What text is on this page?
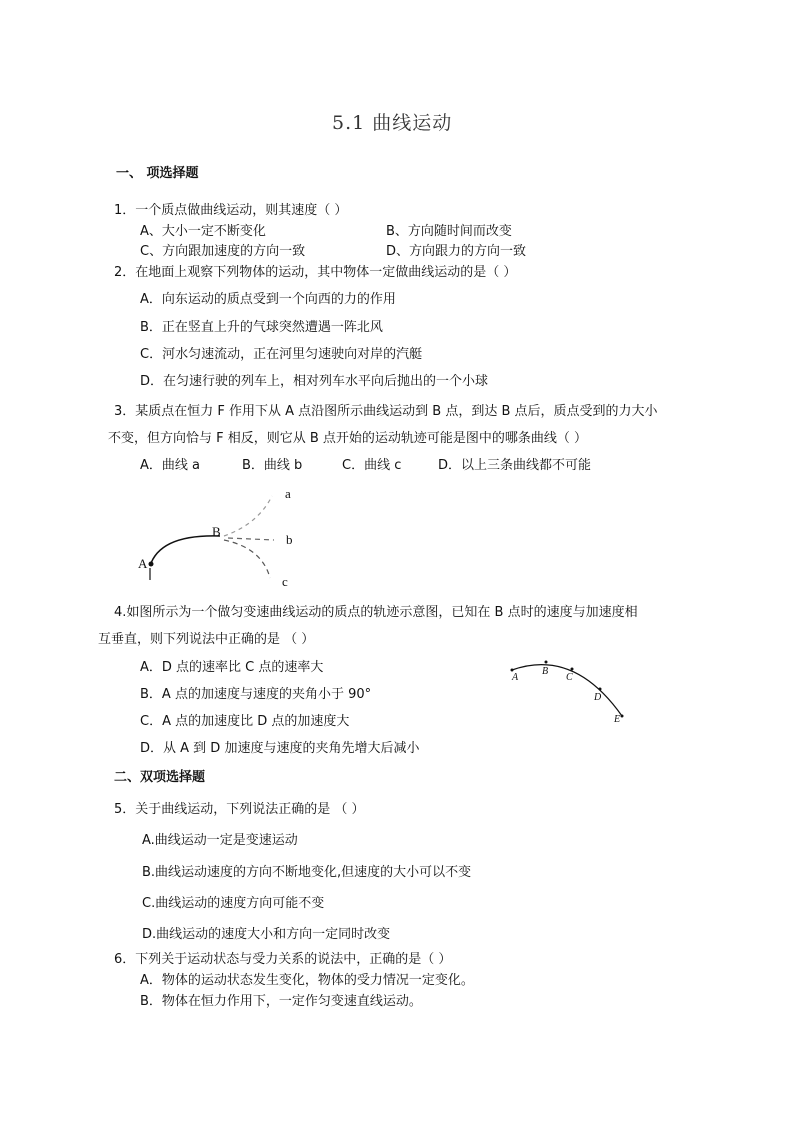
5.1 曲线运动
一、 项选择题
1．一个质点做曲线运动，则其速度（ ）
A、大小一定不断变化	B、方向随时间而改变
C、方向跟加速度的方向一致	D、方向跟力的方向一致
2．在地面上观察下列物体的运动，其中物体一定做曲线运动的是（ ）
A．向东运动的质点受到一个向西的力的作用
B．正在竖直上升的气球突然遭遇一阵北风
C．河水匀速流动，正在河里匀速驶向对岸的汽艇
D．在匀速行驶的列车上，相对列车水平向后抛出的一个小球
3．某质点在恒力 F 作用下从 A 点沿图所示曲线运动到 B 点，到达 B 点后，质点受到的力大小
不变，但方向恰与 F 相反，则它从 B 点开始的运动轨迹可能是图中的哪条曲线（ ）
A．曲线 a	B．曲线 b	C．曲线 c	D．以上三条曲线都不可能
A
B
a
b
c
4.如图所示为一个做匀变速曲线运动的质点的轨迹示意图，已知在 B 点时的速度与加速度相
互垂直，则下列说法中正确的是 （ ）
A．D 点的速率比 C 点的速率大
B．A 点的加速度与速度的夹角小于 90°
C．A 点的加速度比 D 点的加速度大
D．从 A 到 D 加速度与速度的夹角先增大后减小
A
B
C
D
E
二、双项选择题
5．关于曲线运动，下列说法正确的是 （ ）
A.曲线运动一定是变速运动
B.曲线运动速度的方向不断地变化,但速度的大小可以不变
C.曲线运动的速度方向可能不变
D.曲线运动的速度大小和方向一定同时改变
6．下列关于运动状态与受力关系的说法中，正确的是（ ）
A．物体的运动状态发生变化，物体的受力情况一定变化。
B．物体在恒力作用下，一定作匀变速直线运动。
